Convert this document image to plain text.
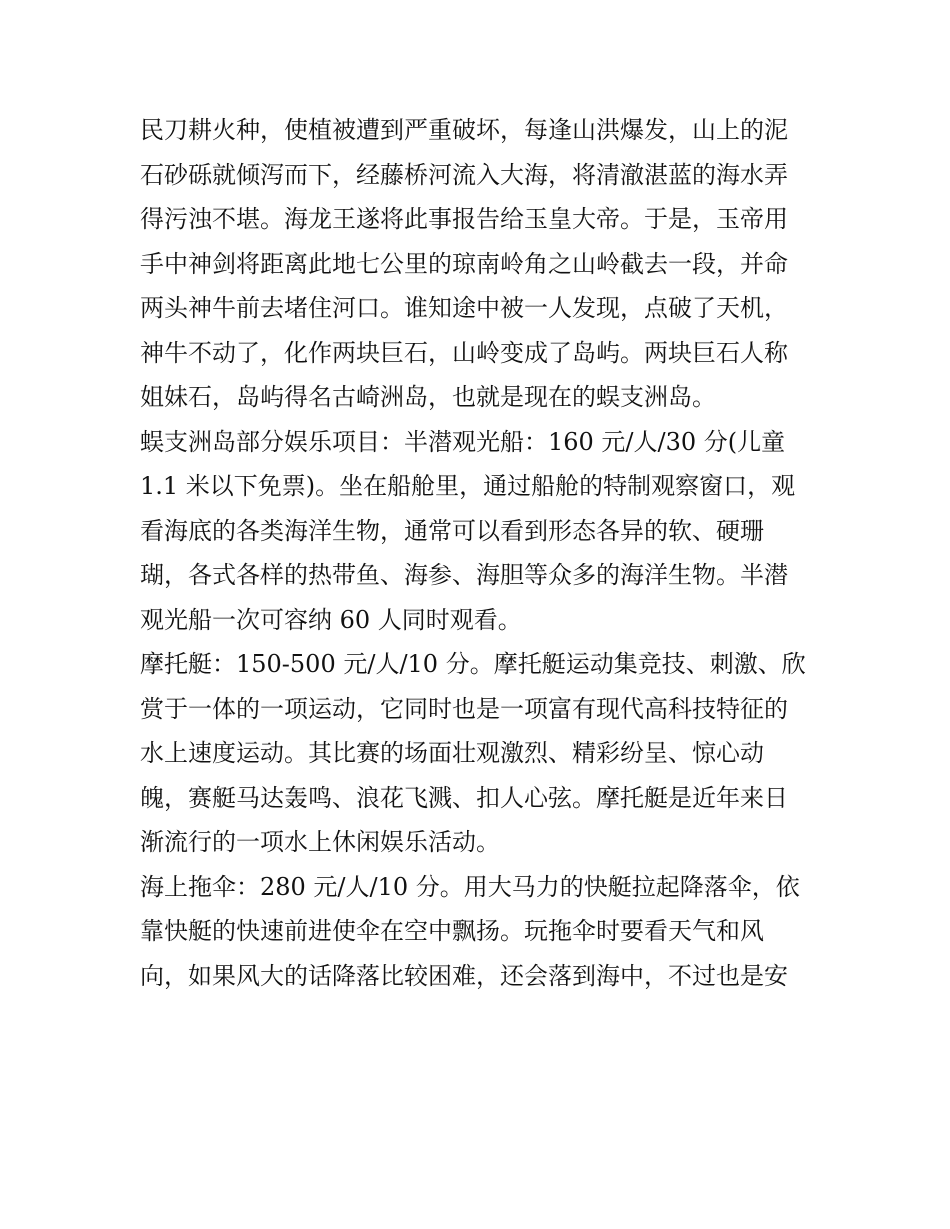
民刀耕火种，使植被遭到严重破坏，每逢山洪爆发，山上的泥
石砂砾就倾泻而下，经藤桥河流入大海，将清澈湛蓝的海水弄
得污浊不堪。海龙王遂将此事报告给玉皇大帝。于是，玉帝用
手中神剑将距离此地七公里的琼南岭角之山岭截去一段，并命
两头神牛前去堵住河口。谁知途中被一人发现，点破了天机，
神牛不动了，化作两块巨石，山岭变成了岛屿。两块巨石人称
姐妹石，岛屿得名古崎洲岛，也就是现在的蜈支洲岛。
蜈支洲岛部分娱乐项目：半潜观光船：160 元/人/30 分(儿童
1.1 米以下免票)。坐在船舱里，通过船舱的特制观察窗口，观
看海底的各类海洋生物，通常可以看到形态各异的软、硬珊
瑚，各式各样的热带鱼、海参、海胆等众多的海洋生物。半潜
观光船一次可容纳 60 人同时观看。
摩托艇：150-500 元/人/10 分。摩托艇运动集竞技、刺激、欣
赏于一体的一项运动，它同时也是一项富有现代高科技特征的
水上速度运动。其比赛的场面壮观激烈、精彩纷呈、惊心动
魄，赛艇马达轰鸣、浪花飞溅、扣人心弦。摩托艇是近年来日
渐流行的一项水上休闲娱乐活动。
海上拖伞：280 元/人/10 分。用大马力的快艇拉起降落伞，依
靠快艇的快速前进使伞在空中飘扬。玩拖伞时要看天气和风
向，如果风大的话降落比较困难，还会落到海中，不过也是安
